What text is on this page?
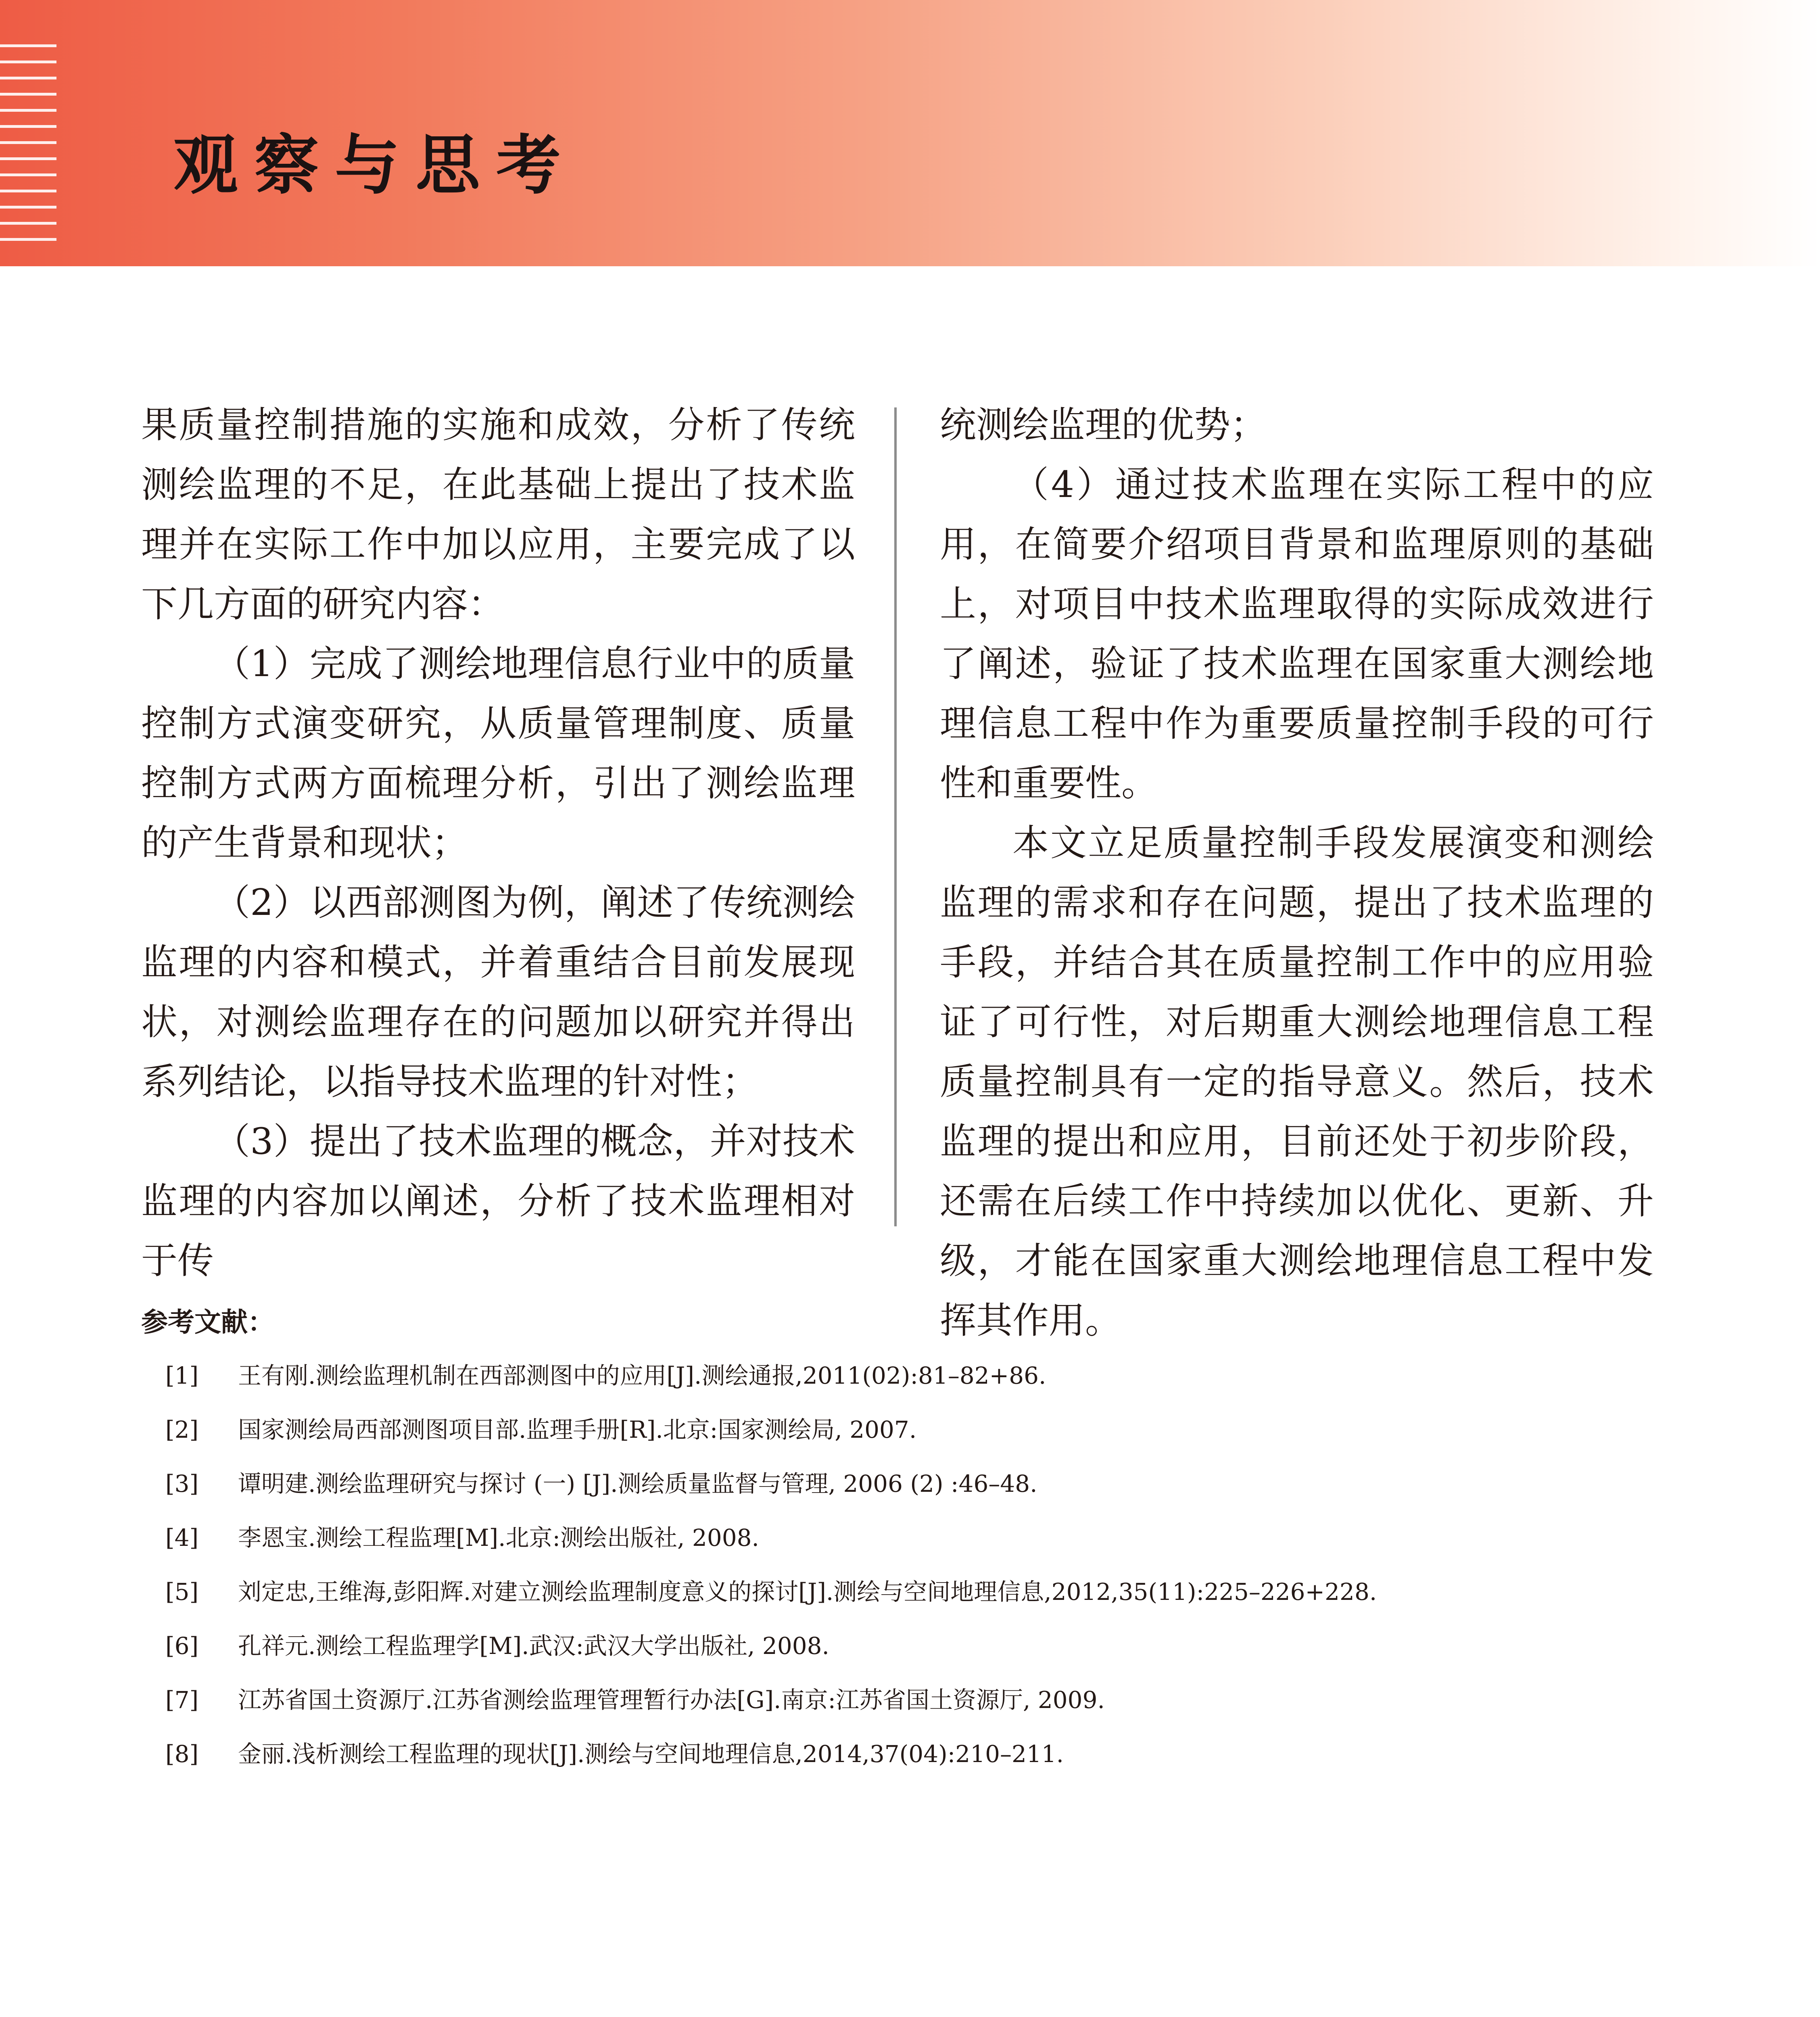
观察与思考

果质量控制措施的实施和成效，分析了传统测绘监理的不足，在此基础上提出了技术监理并在实际工作中加以应用，主要完成了以下几方面的研究内容：

（1）完成了测绘地理信息行业中的质量控制方式演变研究，从质量管理制度、质量控制方式两方面梳理分析，引出了测绘监理的产生背景和现状；

（2）以西部测图为例，阐述了传统测绘监理的内容和模式，并着重结合目前发展现状，对测绘监理存在的问题加以研究并得出系列结论，以指导技术监理的针对性；

（3）提出了技术监理的概念，并对技术监理的内容加以阐述，分析了技术监理相对于传

统测绘监理的优势；

（4）通过技术监理在实际工程中的应用，在简要介绍项目背景和监理原则的基础上，对项目中技术监理取得的实际成效进行了阐述，验证了技术监理在国家重大测绘地理信息工程中作为重要质量控制手段的可行性和重要性。

本文立足质量控制手段发展演变和测绘监理的需求和存在问题，提出了技术监理的手段，并结合其在质量控制工作中的应用验证了可行性，对后期重大测绘地理信息工程质量控制具有一定的指导意义。然后，技术监理的提出和应用，目前还处于初步阶段，还需在后续工作中持续加以优化、更新、升级，才能在国家重大测绘地理信息工程中发挥其作用。

参考文献：
[1] 王有刚.测绘监理机制在西部测图中的应用[J].测绘通报,2011(02):81–82+86.
[2] 国家测绘局西部测图项目部.监理手册[R].北京:国家测绘局, 2007.
[3] 谭明建.测绘监理研究与探讨 (一) [J].测绘质量监督与管理, 2006 (2) :46–48.
[4] 李恩宝.测绘工程监理[M].北京:测绘出版社, 2008.
[5] 刘定忠,王维海,彭阳辉.对建立测绘监理制度意义的探讨[J].测绘与空间地理信息,2012,35(11):225–226+228.
[6] 孔祥元.测绘工程监理学[M].武汉:武汉大学出版社, 2008.
[7] 江苏省国土资源厅.江苏省测绘监理管理暂行办法[G].南京:江苏省国土资源厅, 2009.
[8] 金丽.浅析测绘工程监理的现状[J].测绘与空间地理信息,2014,37(04):210–211.
